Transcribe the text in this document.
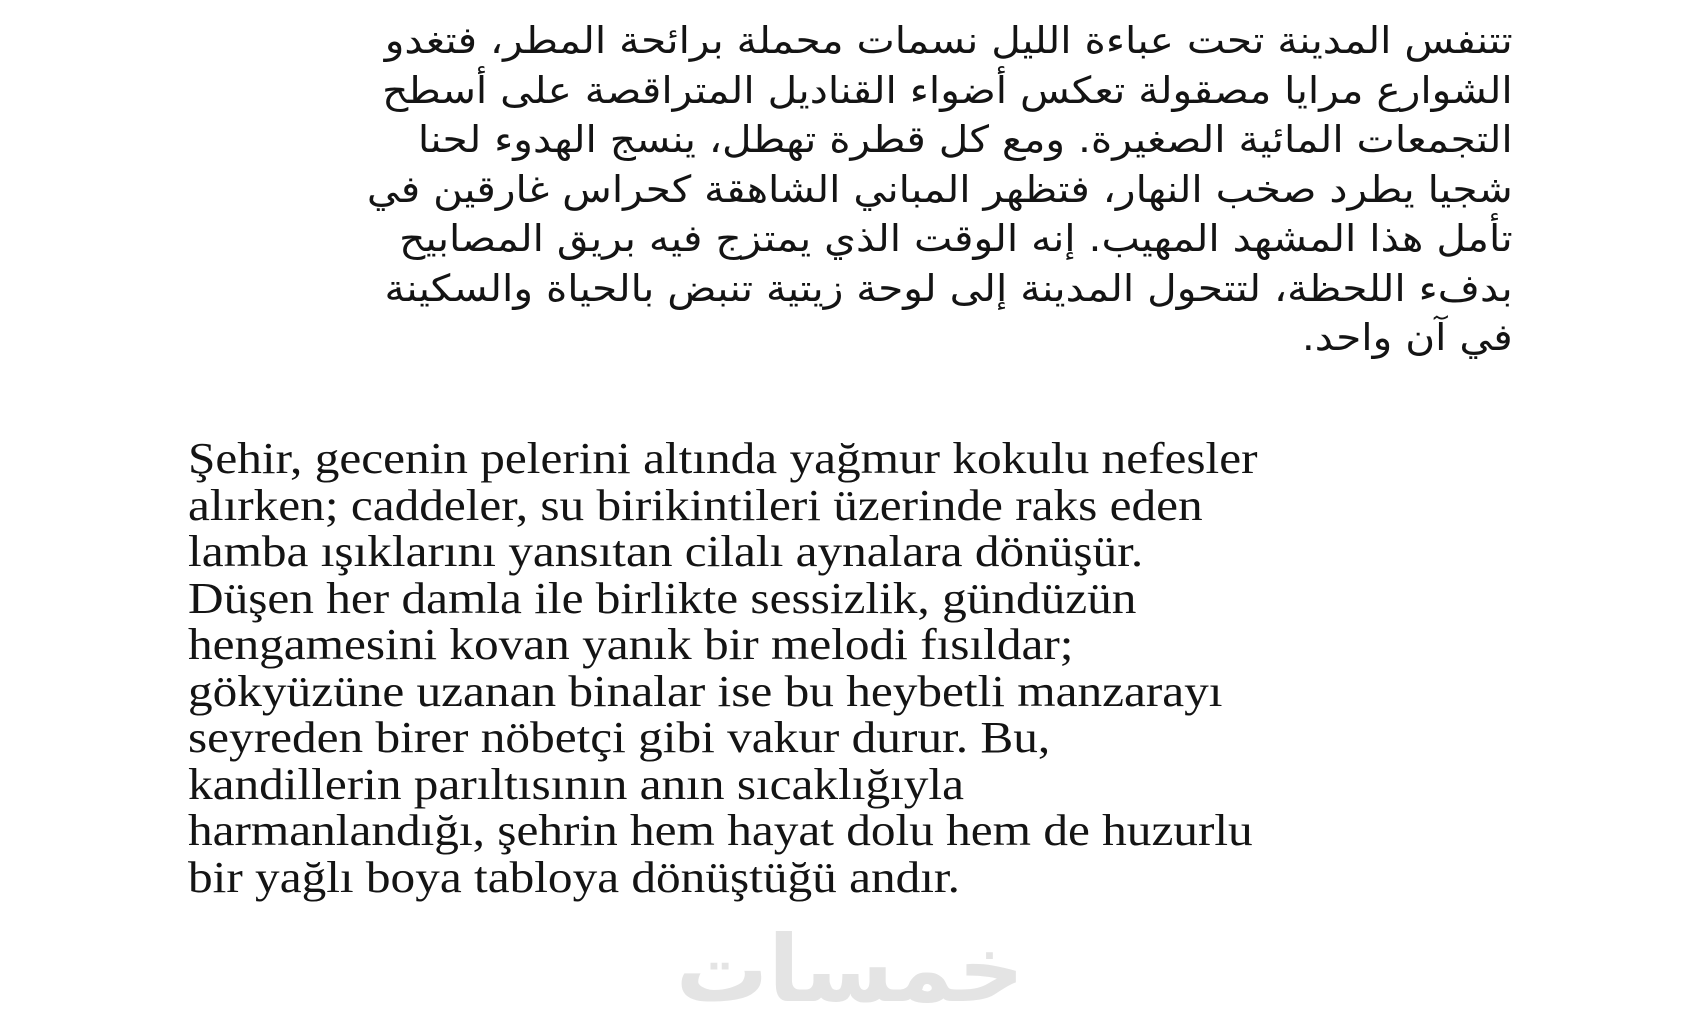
تتنفس المدينة تحت عباءة الليل نسمات محملة برائحة المطر، فتغدو
الشوارع مرايا مصقولة تعكس أضواء القناديل المتراقصة على أسطح
التجمعات المائية الصغيرة. ومع كل قطرة تهطل، ينسج الهدوء لحنا
شجيا يطرد صخب النهار، فتظهر المباني الشاهقة كحراس غارقين في
تأمل هذا المشهد المهيب. إنه الوقت الذي يمتزج فيه بريق المصابيح
بدفء اللحظة، لتتحول المدينة إلى لوحة زيتية تنبض بالحياة والسكينة
في آن واحد.
Şehir, gecenin pelerini altında yağmur kokulu nefesler
alırken; caddeler, su birikintileri üzerinde raks eden
lamba ışıklarını yansıtan cilalı aynalara dönüşür.
Düşen her damla ile birlikte sessizlik, gündüzün
hengamesini kovan yanık bir melodi fısıldar;
gökyüzüne uzanan binalar ise bu heybetli manzarayı
seyreden birer nöbetçi gibi vakur durur. Bu,
kandillerin parıltısının anın sıcaklığıyla
harmanlandığı, şehrin hem hayat dolu hem de huzurlu
bir yağlı boya tabloya dönüştüğü andır.
خمسات
